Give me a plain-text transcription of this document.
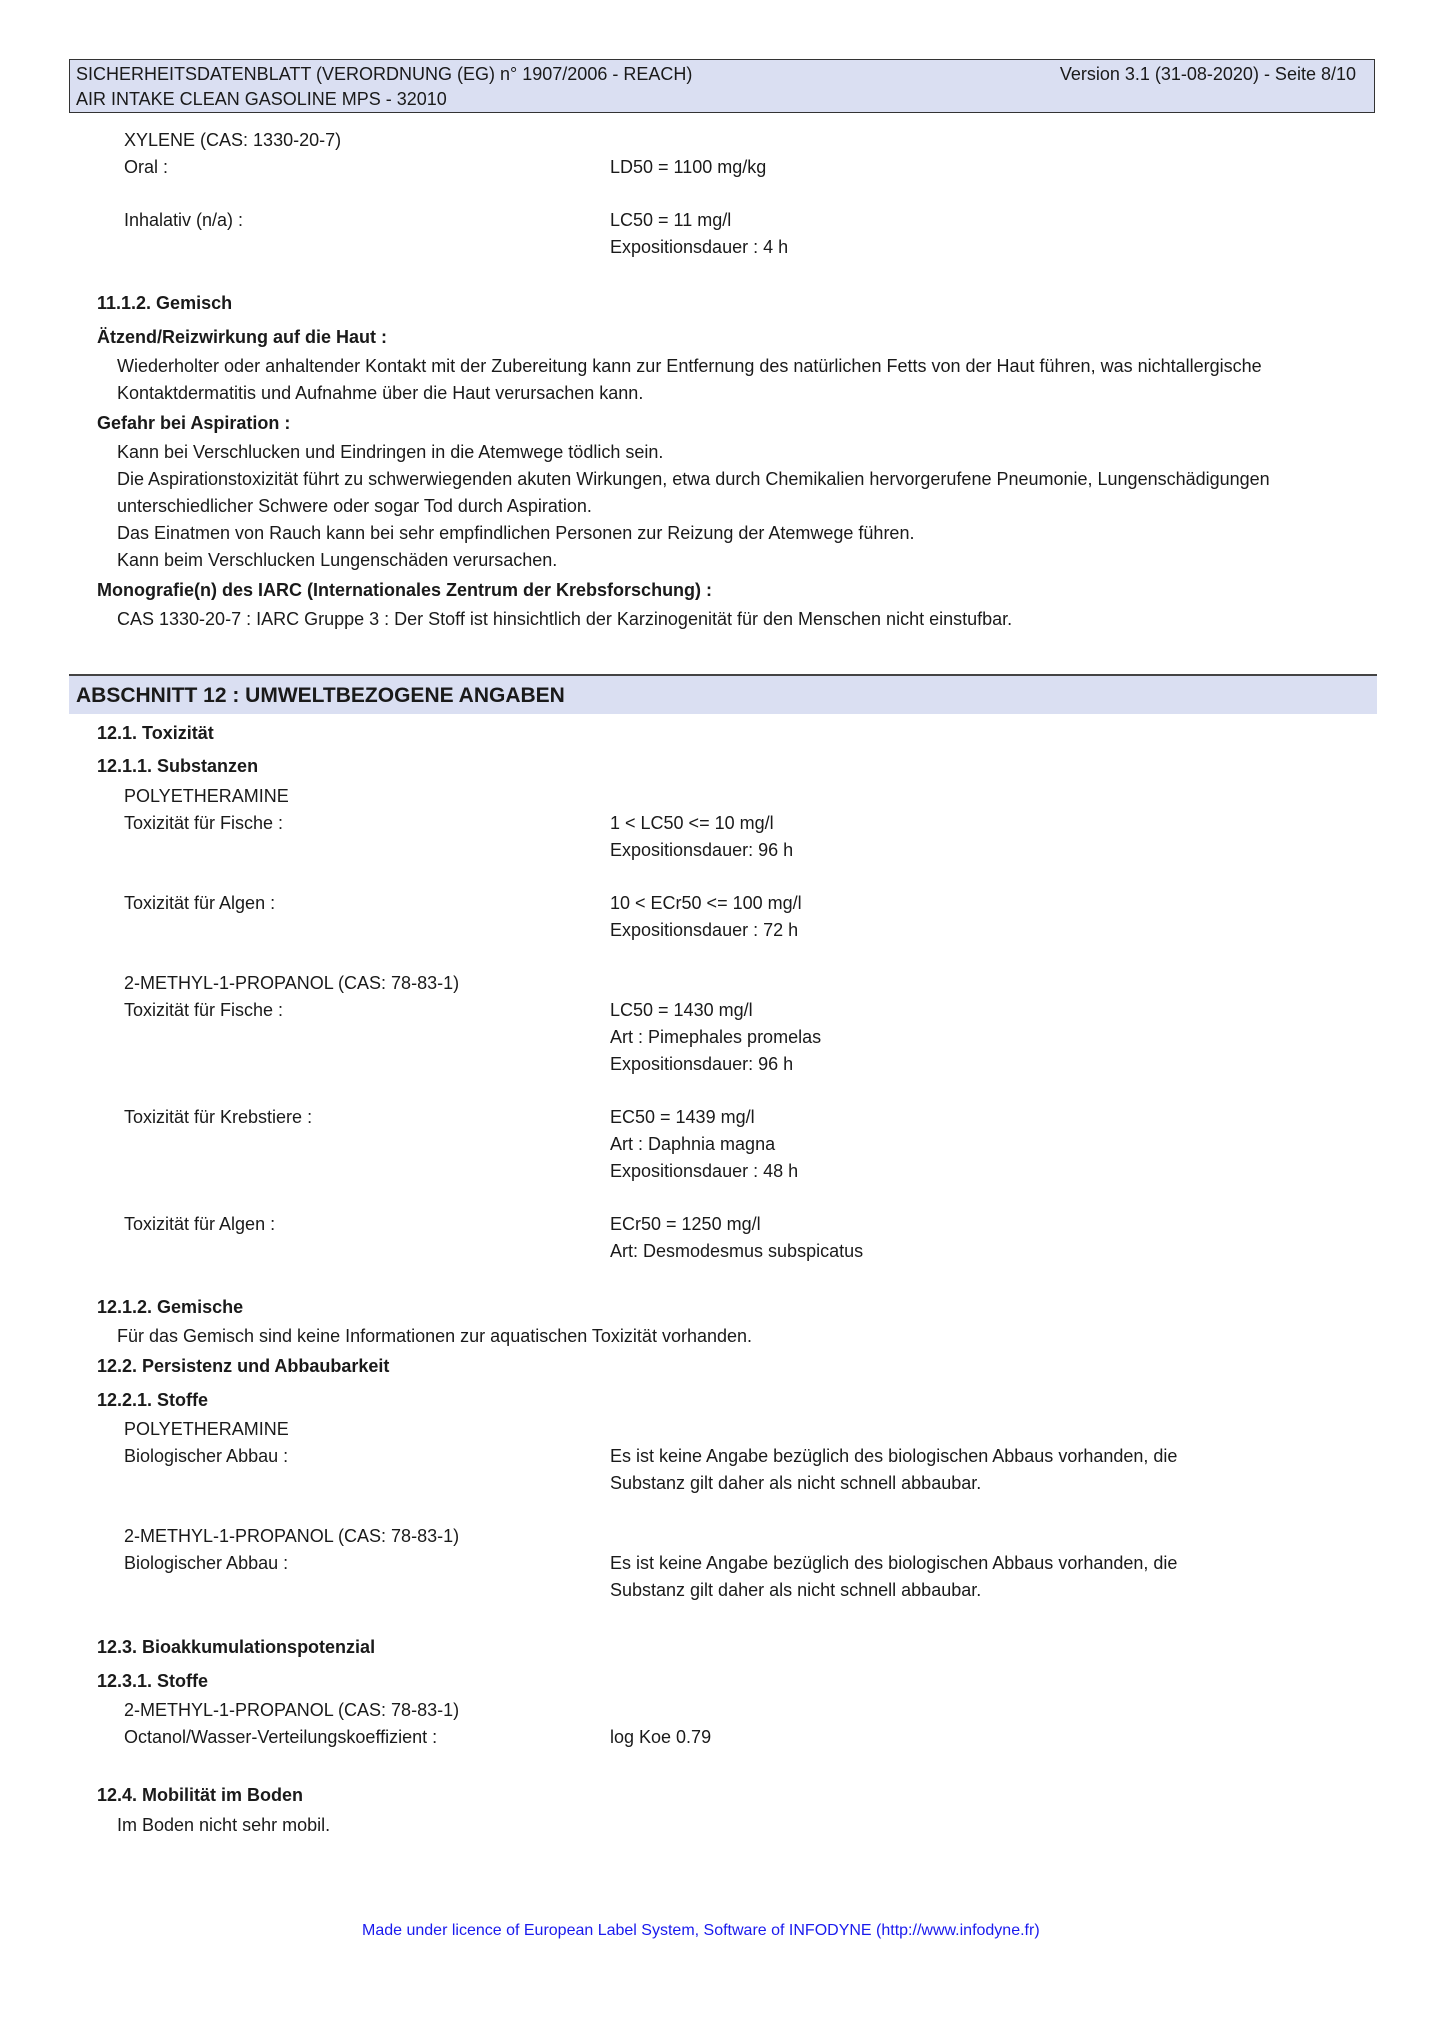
SICHERHEITSDATENBLATT (VERORDNUNG (EG) n° 1907/2006 - REACH)
AIR INTAKE CLEAN GASOLINE MPS - 32010
Version 3.1 (31-08-2020) - Seite 8/10
XYLENE (CAS: 1330-20-7)
Oral :	LD50 = 1100 mg/kg
Inhalativ (n/a) :	LC50 = 11 mg/l
Expositionsdauer : 4 h
11.1.2. Gemisch
Ätzend/Reizwirkung auf die Haut :
Wiederholter oder anhaltender Kontakt mit der Zubereitung kann zur Entfernung des natürlichen Fetts von der Haut führen, was nichtallergische
Kontaktdermatitis und Aufnahme über die Haut verursachen kann.
Gefahr bei Aspiration :
Kann bei Verschlucken und Eindringen in die Atemwege tödlich sein.
Die Aspirationstoxizität führt zu schwerwiegenden akuten Wirkungen, etwa durch Chemikalien hervorgerufene Pneumonie, Lungenschädigungen
unterschiedlicher Schwere oder sogar Tod durch Aspiration.
Das Einatmen von Rauch kann bei sehr empfindlichen Personen zur Reizung der Atemwege führen.
Kann beim Verschlucken Lungenschäden verursachen.
Monografie(n) des IARC (Internationales Zentrum der Krebsforschung) :
CAS 1330-20-7 : IARC Gruppe 3 : Der Stoff ist hinsichtlich der Karzinogenität für den Menschen nicht einstufbar.
ABSCHNITT 12 : UMWELTBEZOGENE ANGABEN
12.1. Toxizität
12.1.1. Substanzen
POLYETHERAMINE
Toxizität für Fische :	1 < LC50 <= 10 mg/l
Expositionsdauer: 96 h
Toxizität für Algen :	10 < ECr50 <= 100 mg/l
Expositionsdauer : 72 h
2-METHYL-1-PROPANOL (CAS: 78-83-1)
Toxizität für Fische :	LC50 = 1430 mg/l
Art : Pimephales promelas
Expositionsdauer: 96 h
Toxizität für Krebstiere :	EC50 = 1439 mg/l
Art : Daphnia magna
Expositionsdauer : 48 h
Toxizität für Algen :	ECr50 = 1250 mg/l
Art: Desmodesmus subspicatus
12.1.2. Gemische
Für das Gemisch sind keine Informationen zur aquatischen Toxizität vorhanden.
12.2. Persistenz und Abbaubarkeit
12.2.1. Stoffe
POLYETHERAMINE
Biologischer Abbau :	Es ist keine Angabe bezüglich des biologischen Abbaus vorhanden, die
Substanz gilt daher als nicht schnell abbaubar.
2-METHYL-1-PROPANOL (CAS: 78-83-1)
Biologischer Abbau :	Es ist keine Angabe bezüglich des biologischen Abbaus vorhanden, die
Substanz gilt daher als nicht schnell abbaubar.
12.3. Bioakkumulationspotenzial
12.3.1. Stoffe
2-METHYL-1-PROPANOL (CAS: 78-83-1)
Octanol/Wasser-Verteilungskoeffizient :	log Koe 0.79
12.4. Mobilität im Boden
Im Boden nicht sehr mobil.
Made under licence of European Label System, Software of INFODYNE (http://www.infodyne.fr)
